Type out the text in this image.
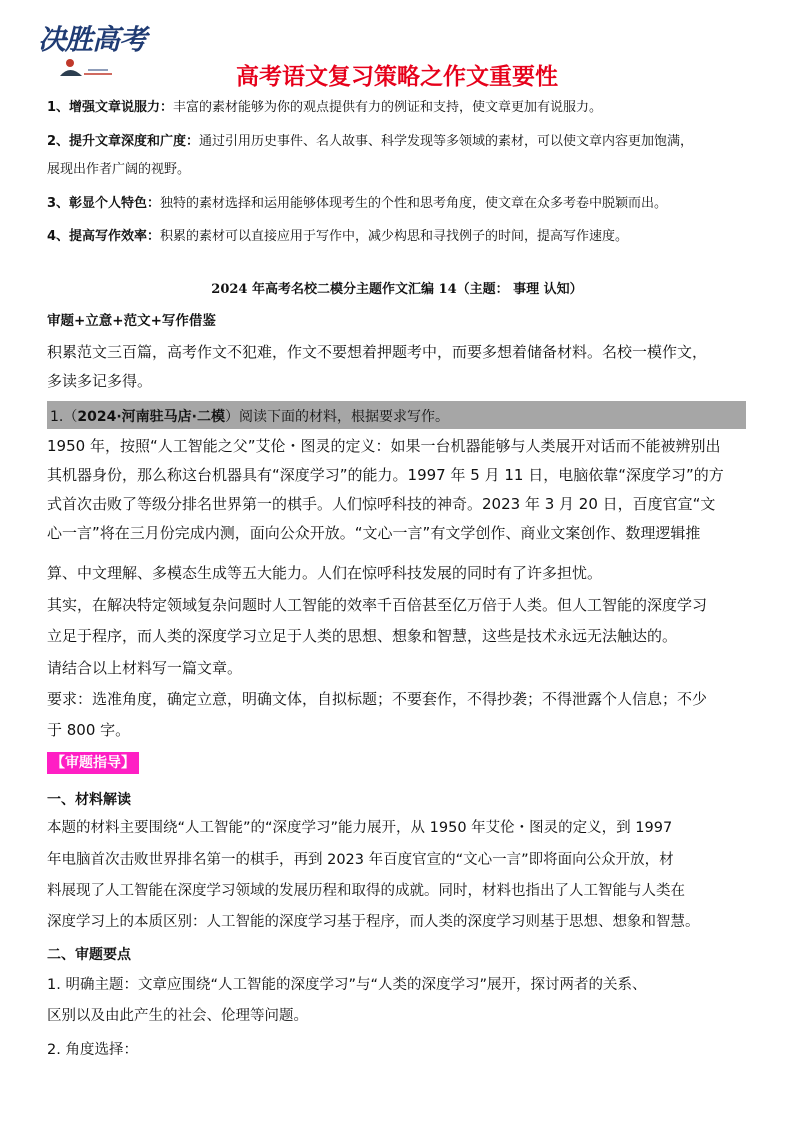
决胜高考
高考语文复习策略之作文重要性
1、增强文章说服力：丰富的素材能够为你的观点提供有力的例证和支持，使文章更加有说服力。
2、提升文章深度和广度：通过引用历史事件、名人故事、科学发现等多领域的素材，可以使文章内容更加饱满，
展现出作者广阔的视野。
3、彰显个人特色：独特的素材选择和运用能够体现考生的个性和思考角度，使文章在众多考卷中脱颖而出。
4、提高写作效率：积累的素材可以直接应用于写作中，减少构思和寻找例子的时间，提高写作速度。
2024 年高考名校二模分主题作文汇编 14（主题： 事理 认知）
审题+立意+范文+写作借鉴
积累范文三百篇，高考作文不犯难，作文不要想着押题考中，而要多想着储备材料。名校一模作文，
多读多记多得。
1.（2024·河南驻马店·二模）阅读下面的材料，根据要求写作。
1950 年，按照“人工智能之父”艾伦・图灵的定义：如果一台机器能够与人类展开对话而不能被辨别出
其机器身份，那么称这台机器具有“深度学习”的能力。1997 年 5 月 11 日，电脑依靠“深度学习”的方
式首次击败了等级分排名世界第一的棋手。人们惊呼科技的神奇。2023 年 3 月 20 日，百度官宣“文
心一言”将在三月份完成内测，面向公众开放。“文心一言”有文学创作、商业文案创作、数理逻辑推
算、中文理解、多模态生成等五大能力。人们在惊呼科技发展的同时有了许多担忧。
其实，在解决特定领域复杂问题时人工智能的效率千百倍甚至亿万倍于人类。但人工智能的深度学习
立足于程序，而人类的深度学习立足于人类的思想、想象和智慧，这些是技术永远无法触达的。
请结合以上材料写一篇文章。
要求：选准角度，确定立意，明确文体，自拟标题；不要套作，不得抄袭；不得泄露个人信息；不少
于 800 字。
【审题指导】
一、材料解读
本题的材料主要围绕“人工智能”的“深度学习”能力展开，从 1950 年艾伦・图灵的定义，到 1997
年电脑首次击败世界排名第一的棋手，再到 2023 年百度官宣的“文心一言”即将面向公众开放，材
料展现了人工智能在深度学习领域的发展历程和取得的成就。同时，材料也指出了人工智能与人类在
深度学习上的本质区别：人工智能的深度学习基于程序，而人类的深度学习则基于思想、想象和智慧。
二、审题要点
1. 明确主题：文章应围绕“人工智能的深度学习”与“人类的深度学习”展开，探讨两者的关系、
区别以及由此产生的社会、伦理等问题。
2. 角度选择：
